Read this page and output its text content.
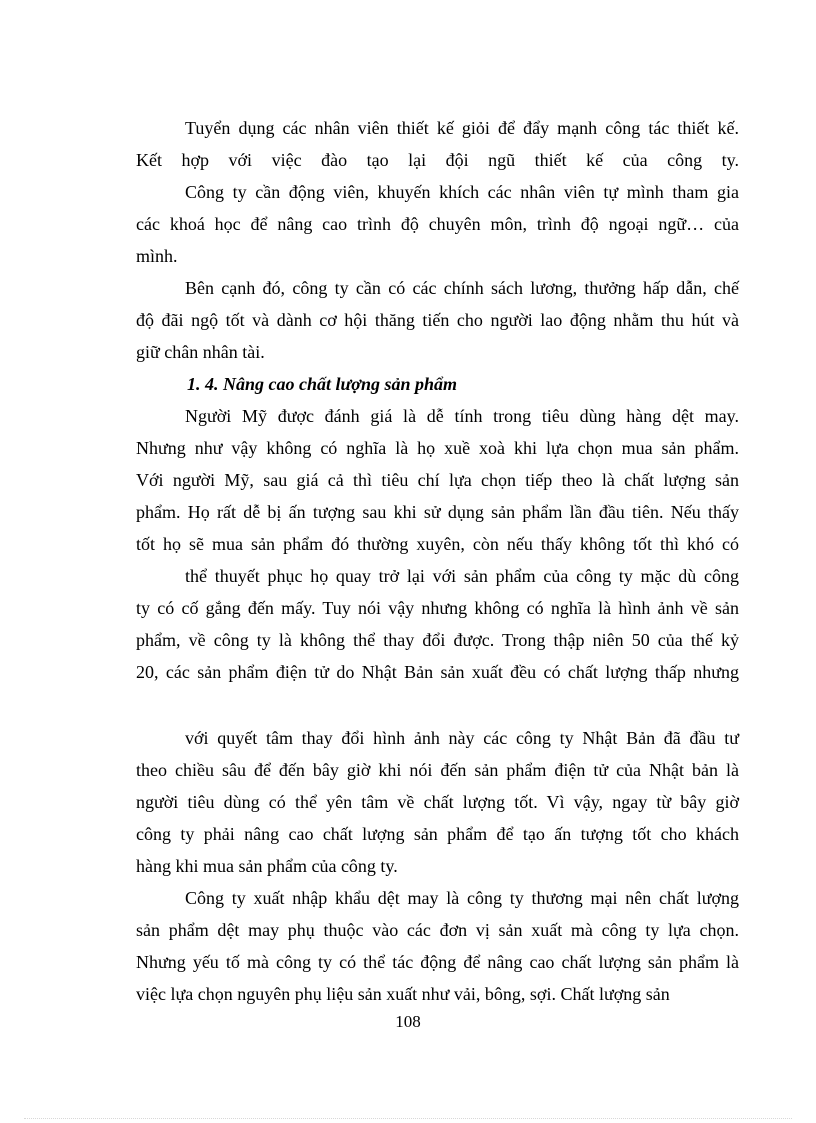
Tuyển dụng các nhân viên thiết kế giỏi để đẩy mạnh công tác thiết kế.
Kết hợp với việc đào tạo lại đội ngũ thiết kế của công ty.
Công ty cần động viên, khuyến khích các nhân viên tự mình tham gia
các khoá học để nâng cao trình độ chuyên môn, trình độ ngoại ngữ… của
mình.
Bên cạnh đó, công ty cần có các chính sách lương, thưởng hấp dẫn, chế
độ đãi ngộ tốt và dành cơ hội thăng tiến cho người lao động nhằm thu hút và
giữ chân nhân tài.
1. 4. Nâng cao chất lượng sản phẩm
Người Mỹ được đánh giá là dễ tính trong tiêu dùng hàng dệt may.
Nhưng như vậy không có nghĩa là họ xuề xoà khi lựa chọn mua sản phẩm.
Với người Mỹ, sau giá cả thì tiêu chí lựa chọn tiếp theo là chất lượng sản
phẩm. Họ rất dễ bị ấn tượng sau khi sử dụng sản phẩm lần đầu tiên. Nếu thấy
tốt họ sẽ mua sản phẩm đó thường xuyên, còn nếu thấy không tốt thì khó có
thể thuyết phục họ quay trở lại với sản phẩm của công ty mặc dù công
ty có cố gắng đến mấy. Tuy nói vậy nhưng không có nghĩa là hình ảnh về sản
phẩm, về công ty là không thể thay đổi được. Trong thập niên 50 của thế kỷ
20, các sản phẩm điện tử do Nhật Bản sản xuất đều có chất lượng thấp nhưng
với quyết tâm thay đổi hình ảnh này các công ty Nhật Bản đã đầu tư
theo chiều sâu để đến bây giờ khi nói đến sản phẩm điện tử của Nhật bản là
người tiêu dùng có thể yên tâm về chất lượng tốt. Vì vậy, ngay từ bây giờ
công ty phải nâng cao chất lượng sản phẩm để tạo ấn tượng tốt cho khách
hàng khi mua sản phẩm của công ty.
Công ty xuất nhập khẩu dệt may là công ty thương mại nên chất lượng
sản phẩm dệt may phụ thuộc vào các đơn vị sản xuất mà công ty lựa chọn.
Nhưng yếu tố mà công ty có thể tác động để nâng cao chất lượng sản phẩm là
việc lựa chọn nguyên phụ liệu sản xuất như vải, bông, sợi. Chất lượng sản
108
